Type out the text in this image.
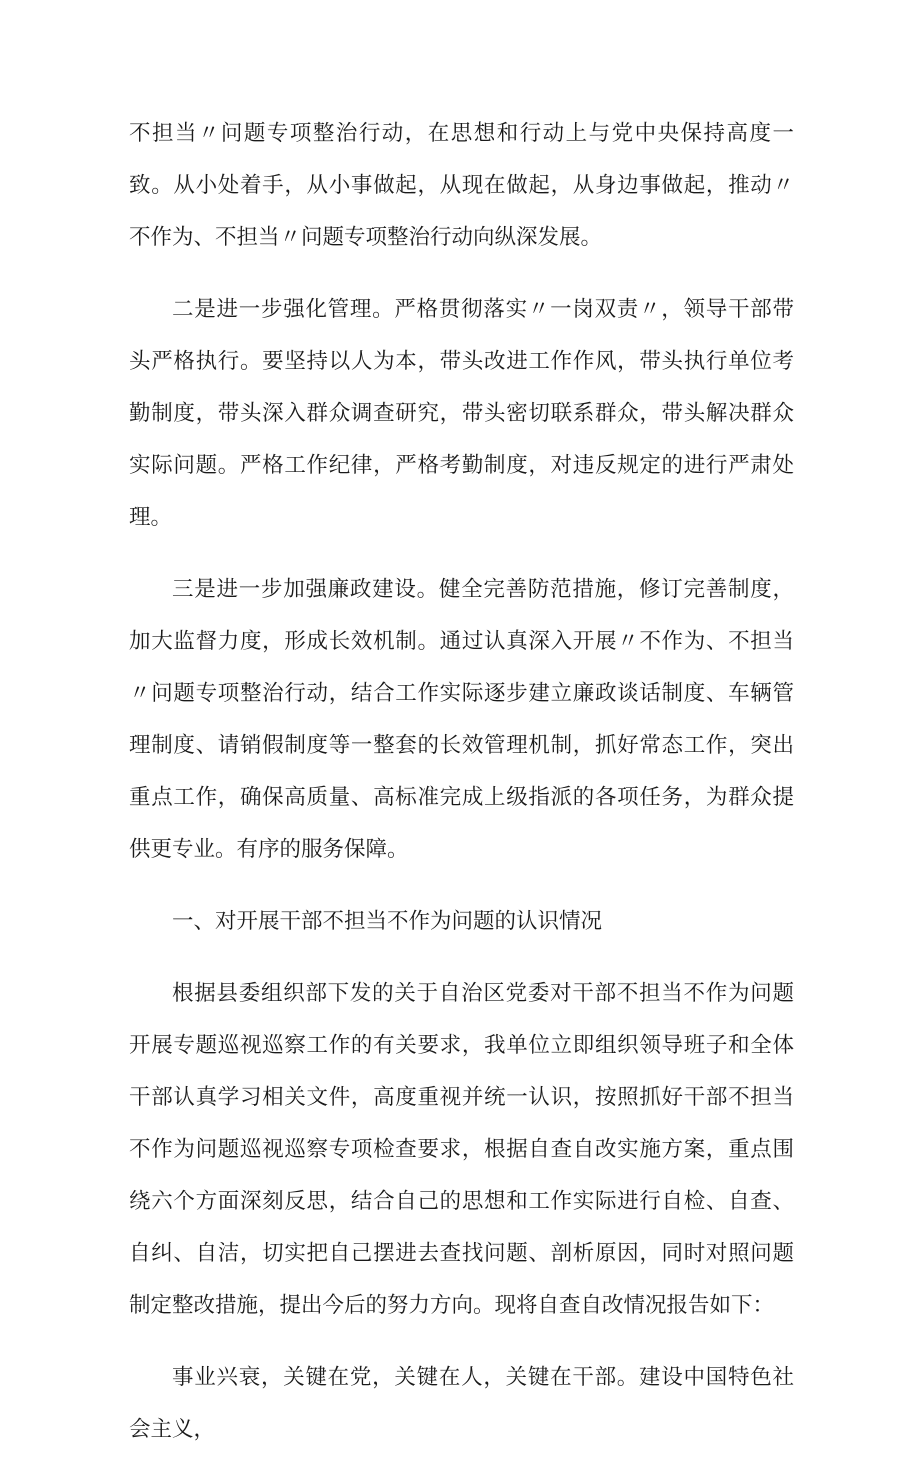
不担当〃问题专项整治行动，在思想和行动上与党中央保持高度一致。从小处着手，从小事做起，从现在做起，从身边事做起，推动〃不作为、不担当〃问题专项整治行动向纵深发展。

二是进一步强化管理。严格贯彻落实〃一岗双责〃，领导干部带头严格执行。要坚持以人为本，带头改进工作作风，带头执行单位考勤制度，带头深入群众调查研究，带头密切联系群众，带头解决群众实际问题。严格工作纪律，严格考勤制度，对违反规定的进行严肃处理。

三是进一步加强廉政建设。健全完善防范措施，修订完善制度，加大监督力度，形成长效机制。通过认真深入开展〃不作为、不担当〃问题专项整治行动，结合工作实际逐步建立廉政谈话制度、车辆管理制度、请销假制度等一整套的长效管理机制，抓好常态工作，突出重点工作，确保高质量、高标准完成上级指派的各项任务，为群众提供更专业。有序的服务保障。

一、对开展干部不担当不作为问题的认识情况

根据县委组织部下发的关于自治区党委对干部不担当不作为问题开展专题巡视巡察工作的有关要求，我单位立即组织领导班子和全体干部认真学习相关文件，高度重视并统一认识，按照抓好干部不担当不作为问题巡视巡察专项检查要求，根据自查自改实施方案，重点围绕六个方面深刻反思，结合自己的思想和工作实际进行自检、自查、自纠、自洁，切实把自己摆进去查找问题、剖析原因，同时对照问题制定整改措施，提出今后的努力方向。现将自查自改情况报告如下：

事业兴衰，关键在党，关键在人，关键在干部。建设中国特色社会主义，
